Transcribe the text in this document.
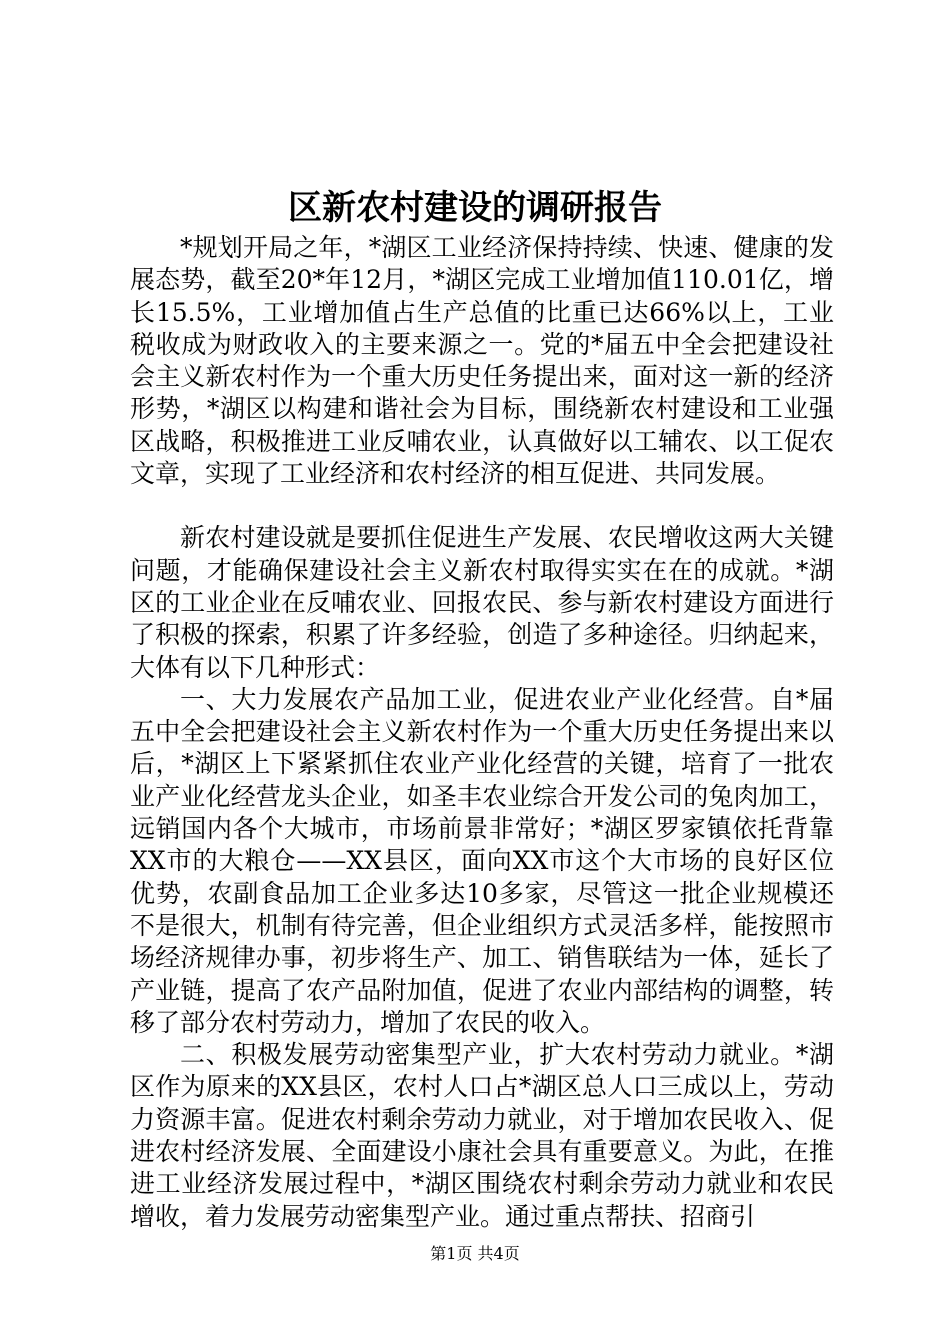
区新农村建设的调研报告

*规划开局之年，*湖区工业经济保持持续、快速、健康的发展态势，截至20*年12月，*湖区完成工业增加值110.01亿，增长15.5%，工业增加值占生产总值的比重已达66%以上，工业税收成为财政收入的主要来源之一。党的*届五中全会把建设社会主义新农村作为一个重大历史任务提出来，面对这一新的经济形势，*湖区以构建和谐社会为目标，围绕新农村建设和工业强区战略，积极推进工业反哺农业，认真做好以工辅农、以工促农文章，实现了工业经济和农村经济的相互促进、共同发展。

新农村建设就是要抓住促进生产发展、农民增收这两大关键问题，才能确保建设社会主义新农村取得实实在在的成就。*湖区的工业企业在反哺农业、回报农民、参与新农村建设方面进行了积极的探索，积累了许多经验，创造了多种途径。归纳起来，大体有以下几种形式：

一、大力发展农产品加工业，促进农业产业化经营。自*届五中全会把建设社会主义新农村作为一个重大历史任务提出来以后，*湖区上下紧紧抓住农业产业化经营的关键，培育了一批农业产业化经营龙头企业，如圣丰农业综合开发公司的兔肉加工，远销国内各个大城市，市场前景非常好；*湖区罗家镇依托背靠XX市的大粮仓——XX县区，面向XX市这个大市场的良好区位优势，农副食品加工企业多达10多家，尽管这一批企业规模还不是很大，机制有待完善，但企业组织方式灵活多样，能按照市场经济规律办事，初步将生产、加工、销售联结为一体，延长了产业链，提高了农产品附加值，促进了农业内部结构的调整，转移了部分农村劳动力，增加了农民的收入。

二、积极发展劳动密集型产业，扩大农村劳动力就业。*湖区作为原来的XX县区，农村人口占*湖区总人口三成以上，劳动力资源丰富。促进农村剩余劳动力就业，对于增加农民收入、促进农村经济发展、全面建设小康社会具有重要意义。为此，在推进工业经济发展过程中，*湖区围绕农村剩余劳动力就业和农民增收，着力发展劳动密集型产业。通过重点帮扶、招商引

第1页 共4页
